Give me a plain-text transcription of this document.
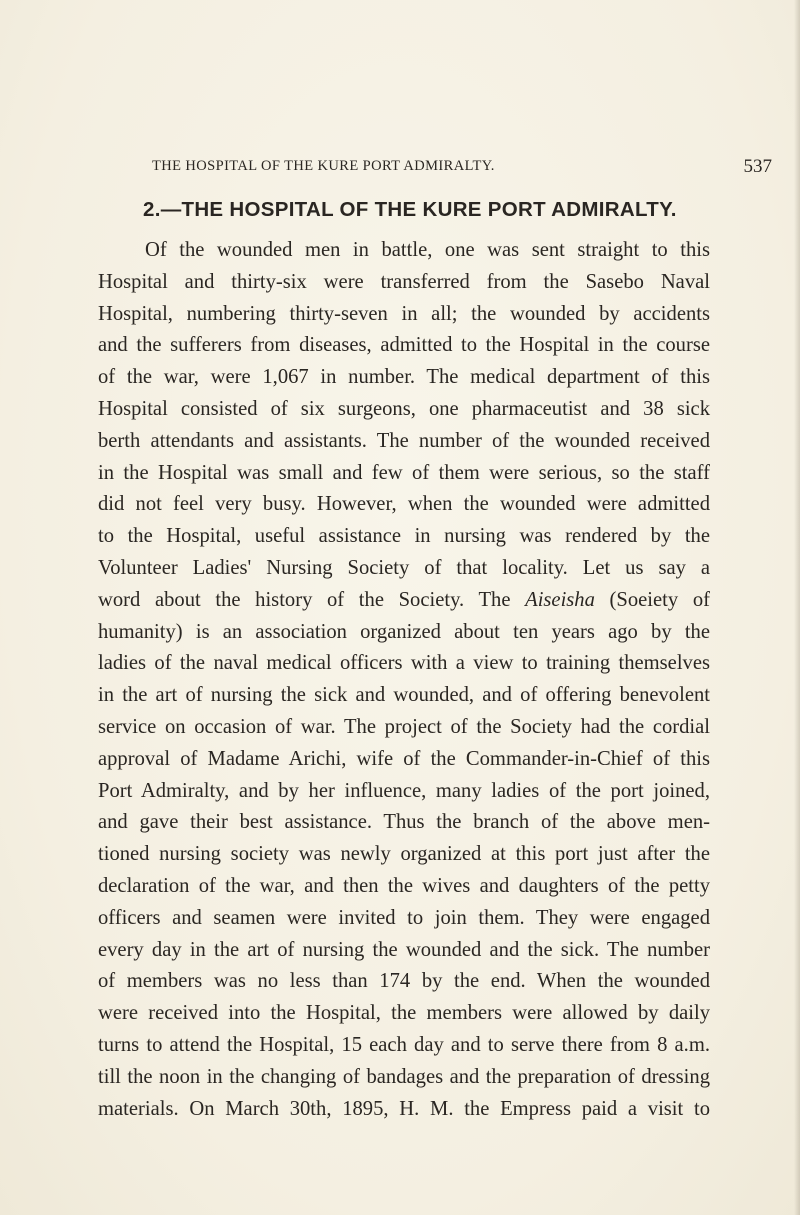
THE HOSPITAL OF THE KURE PORT ADMIRALTY.	537
2.—THE HOSPITAL OF THE KURE PORT ADMIRALTY.
Of the wounded men in battle, one was sent straight to this
Hospital and thirty-six were transferred from the Sasebo Naval
Hospital, numbering thirty-seven in all; the wounded by accidents
and the sufferers from diseases, admitted to the Hospital in the course
of the war, were 1,067 in number. The medical department of this
Hospital consisted of six surgeons, one pharmaceutist and 38 sick
berth attendants and assistants. The number of the wounded received
in the Hospital was small and few of them were serious, so the staff
did not feel very busy. However, when the wounded were admitted
to the Hospital, useful assistance in nursing was rendered by the
Volunteer Ladies' Nursing Society of that locality. Let us say a
word about the history of the Society. The Aiseisha (Soeiety of
humanity) is an association organized about ten years ago by the
ladies of the naval medical officers with a view to training themselves
in the art of nursing the sick and wounded, and of offering benevolent
service on occasion of war. The project of the Society had the cordial
approval of Madame Arichi, wife of the Commander-in-Chief of this
Port Admiralty, and by her influence, many ladies of the port joined,
and gave their best assistance. Thus the branch of the above men-
tioned nursing society was newly organized at this port just after the
declaration of the war, and then the wives and daughters of the petty
officers and seamen were invited to join them. They were engaged
every day in the art of nursing the wounded and the sick. The number
of members was no less than 174 by the end. When the wounded
were received into the Hospital, the members were allowed by daily
turns to attend the Hospital, 15 each day and to serve there from 8 a.m.
till the noon in the changing of bandages and the preparation of dressing
materials. On March 30th, 1895, H. M. the Empress paid a visit to
